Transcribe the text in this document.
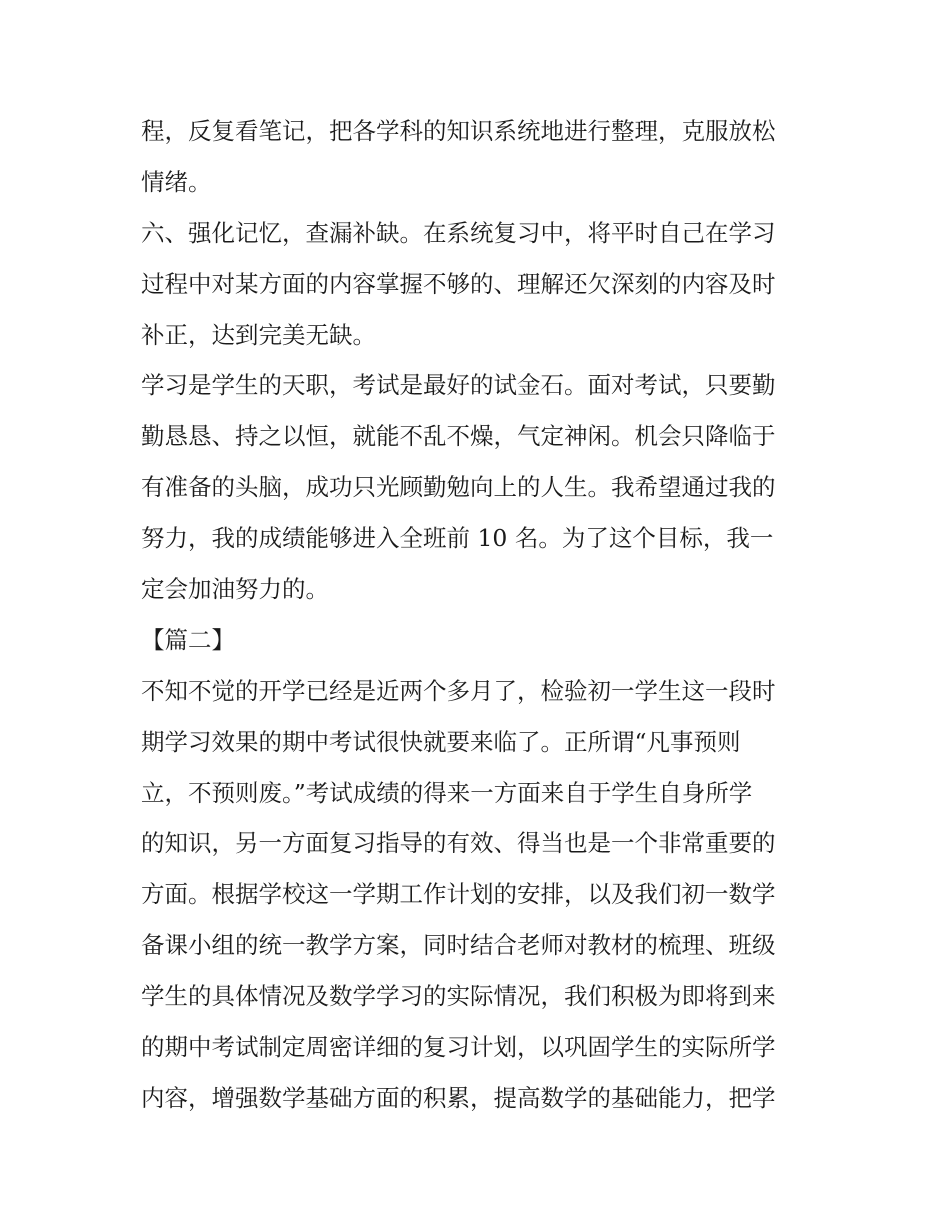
程，反复看笔记，把各学科的知识系统地进行整理，克服放松
情绪。
六、强化记忆，查漏补缺。在系统复习中，将平时自己在学习
过程中对某方面的内容掌握不够的、理解还欠深刻的内容及时
补正，达到完美无缺。
学习是学生的天职，考试是最好的试金石。面对考试，只要勤
勤恳恳、持之以恒，就能不乱不燥，气定神闲。机会只降临于
有准备的头脑，成功只光顾勤勉向上的人生。我希望通过我的
努力，我的成绩能够进入全班前 10 名。为了这个目标，我一
定会加油努力的。
【篇二】
不知不觉的开学已经是近两个多月了，检验初一学生这一段时
期学习效果的期中考试很快就要来临了。正所谓“凡事预则
立，不预则废。”考试成绩的得来一方面来自于学生自身所学
的知识，另一方面复习指导的有效、得当也是一个非常重要的
方面。根据学校这一学期工作计划的安排，以及我们初一数学
备课小组的统一教学方案，同时结合老师对教材的梳理、班级
学生的具体情况及数学学习的实际情况，我们积极为即将到来
的期中考试制定周密详细的复习计划，以巩固学生的实际所学
内容，增强数学基础方面的积累，提高数学的基础能力，把学
